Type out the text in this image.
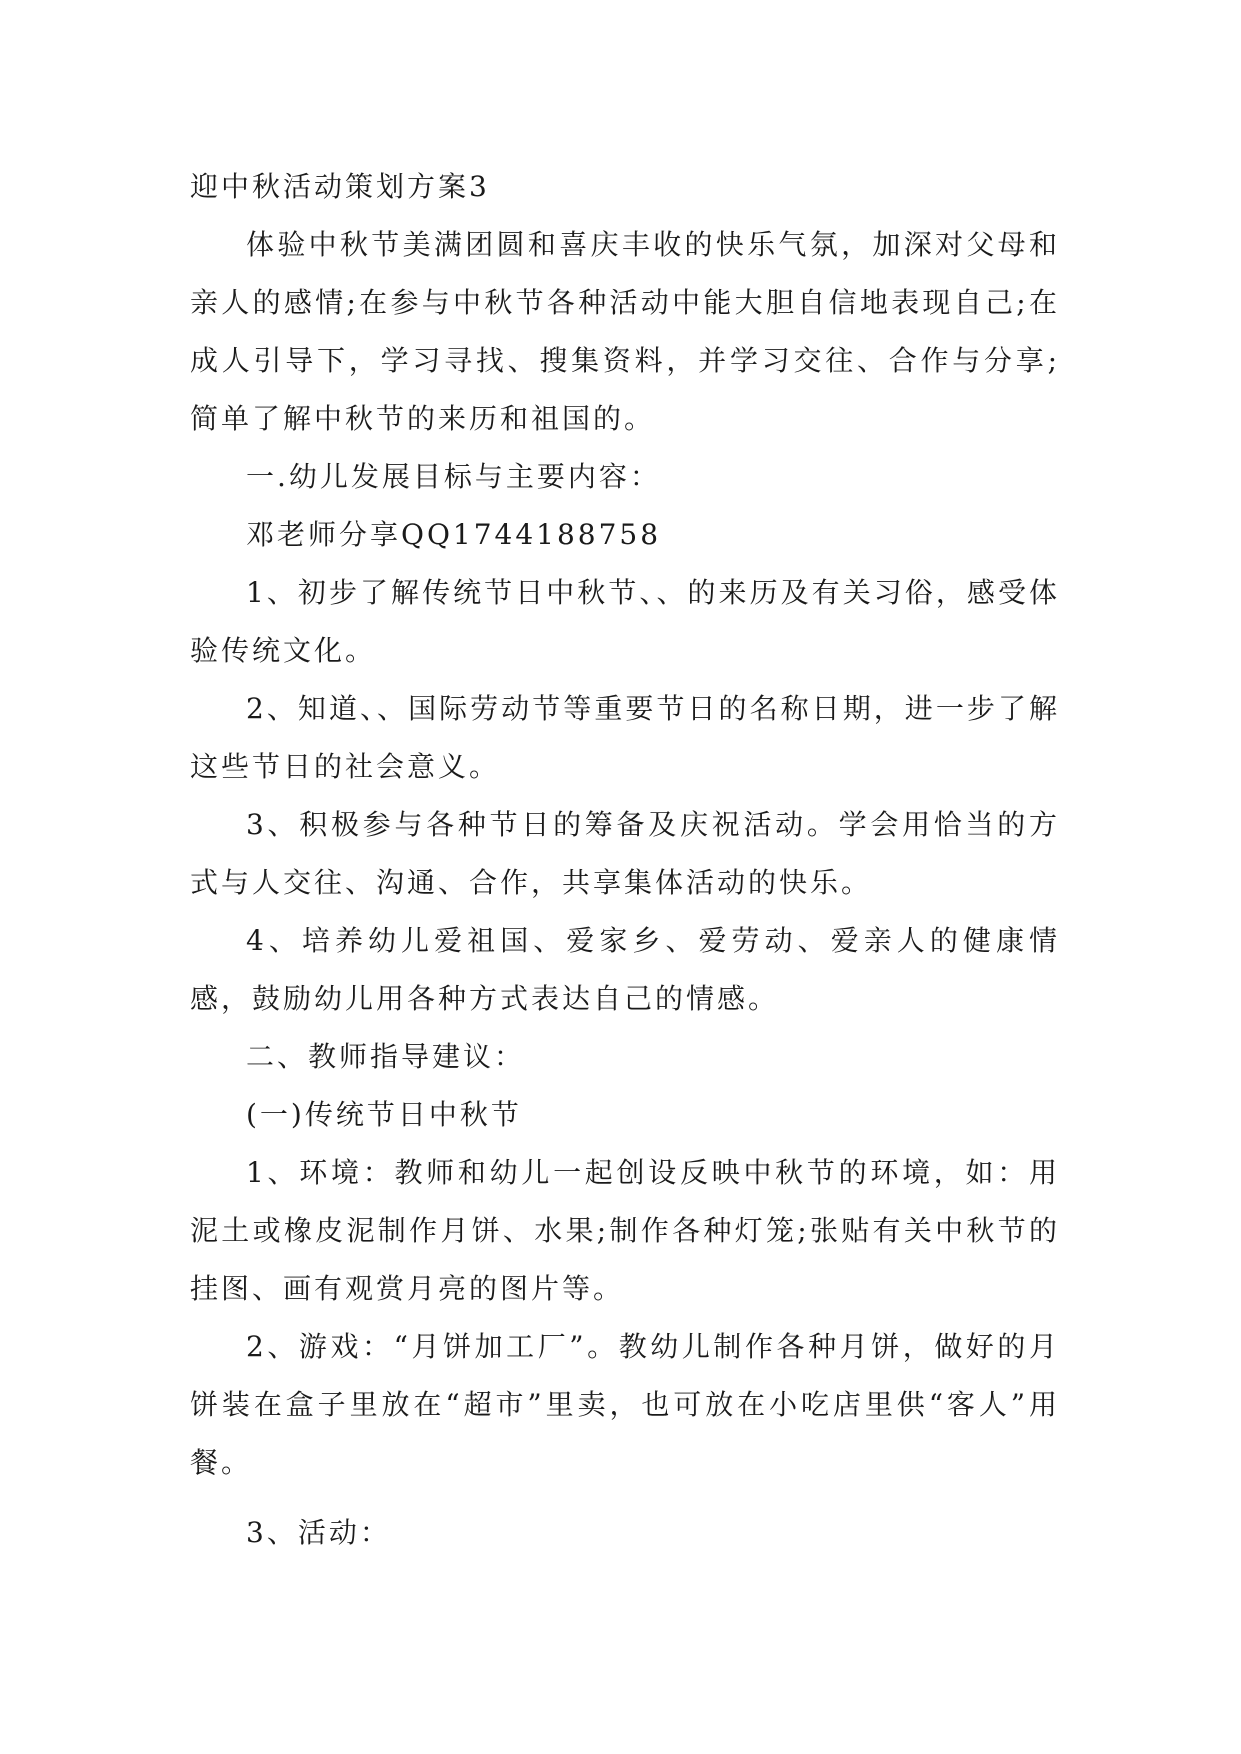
迎中秋活动策划方案3

体验中秋节美满团圆和喜庆丰收的快乐气氛，加深对父母和亲人的感情;在参与中秋节各种活动中能大胆自信地表现自己;在成人引导下，学习寻找、搜集资料，并学习交往、合作与分享;简单了解中秋节的来历和祖国的。

一.幼儿发展目标与主要内容：

邓老师分享QQ1744188758

1、初步了解传统节日中秋节、、的来历及有关习俗，感受体验传统文化。

2、知道、、国际劳动节等重要节日的名称日期，进一步了解这些节日的社会意义。

3、积极参与各种节日的筹备及庆祝活动。学会用恰当的方式与人交往、沟通、合作，共享集体活动的快乐。

4、培养幼儿爱祖国、爱家乡、爱劳动、爱亲人的健康情感，鼓励幼儿用各种方式表达自己的情感。

二、教师指导建议：

(一)传统节日中秋节

1、环境：教师和幼儿一起创设反映中秋节的环境，如：用泥土或橡皮泥制作月饼、水果;制作各种灯笼;张贴有关中秋节的挂图、画有观赏月亮的图片等。

2、游戏：“月饼加工厂”。教幼儿制作各种月饼，做好的月饼装在盒子里放在“超市”里卖，也可放在小吃店里供“客人”用餐。

3、活动：
